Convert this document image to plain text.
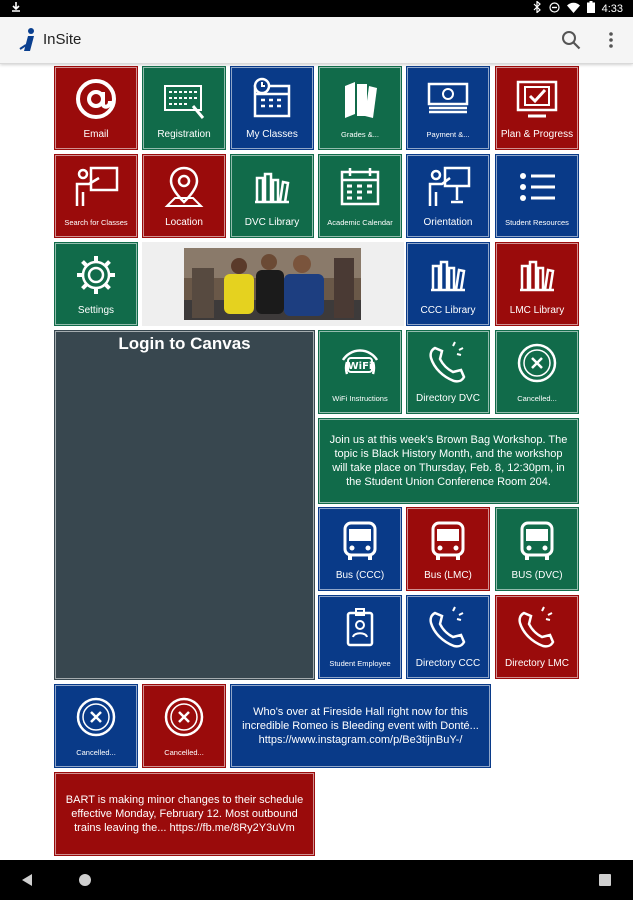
4:33
InSite
Email	Registration	My Classes	Grades &...	Payment &...	Plan & Progress
Search for Classes	Location	DVC Library	Academic Calendar	Orientation	Student Resources
Settings	CCC Library	LMC Library
Login to Canvas
WiFi
WiFi Instructions	Directory DVC	Cancelled...
Join us at this week's Brown Bag Workshop. The topic is Black History Month, and the workshop will take place on Thursday, Feb. 8, 12:30pm, in the Student Union Conference Room 204.
Bus (CCC)	Bus (LMC)	BUS (DVC)
Student Employee	Directory CCC	Directory LMC
Cancelled...	Cancelled...
Who's over at Fireside Hall right now for this incredible Romeo is Bleeding event with Donté... https://www.instagram.com/p/Be3tijnBuY-/
BART is making minor changes to their schedule effective Monday, February 12. Most outbound trains leaving the... https://fb.me/8Ry2Y3uVm
